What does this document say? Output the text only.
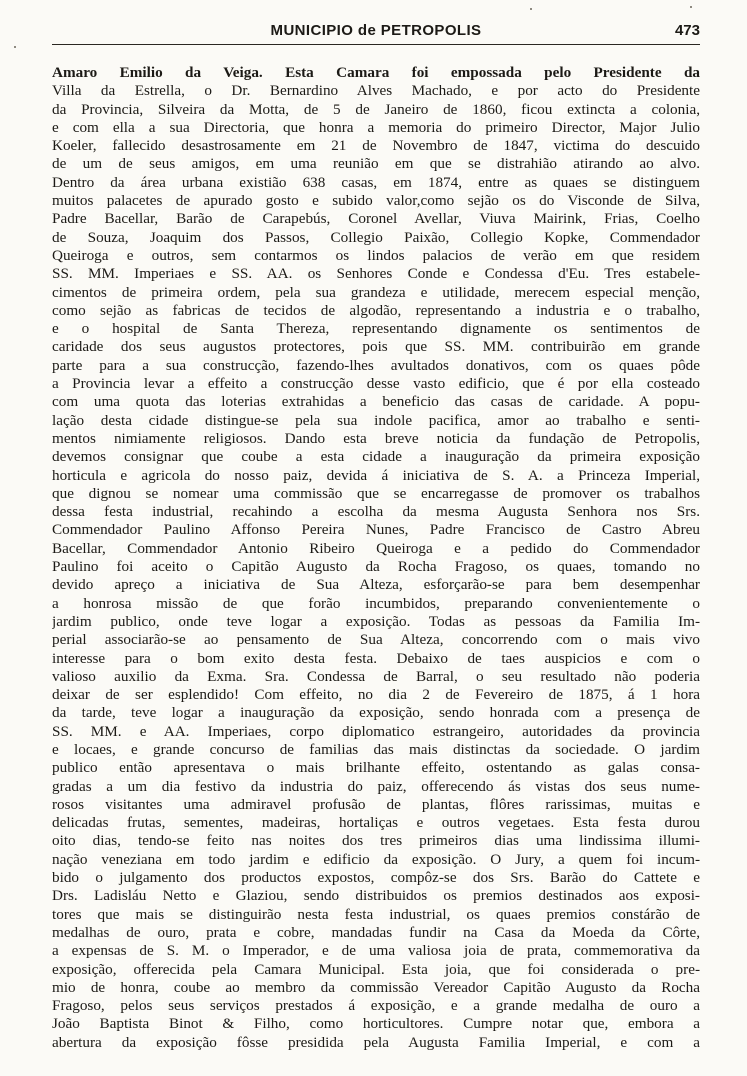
MUNICIPIO de PETROPOLIS	473
Amaro Emilio da Veiga. Esta Camara foi empossada pelo Presidente da
Villa da Estrella, o Dr. Bernardino Alves Machado, e por acto do Presidente
da Provincia, Silveira da Motta, de 5 de Janeiro de 1860, ficou extincta a colonia,
e com ella a sua Directoria, que honra a memoria do primeiro Director, Major Julio
Koeler, fallecido desastrosamente em 21 de Novembro de 1847, victima do descuido
de um de seus amigos, em uma reunião em que se distrahião atirando ao alvo.
Dentro da área urbana existião 638 casas, em 1874, entre as quaes se distinguem
muitos palacetes de apurado gosto e subido valor,como sejão os do Visconde de Silva,
Padre Bacellar, Barão de Carapebús, Coronel Avellar, Viuva Mairink, Frias, Coelho
de Souza, Joaquim dos Passos, Collegio Paixão, Collegio Kopke, Commendador
Queiroga e outros, sem contarmos os lindos palacios de verão em que residem
SS. MM. Imperiaes e SS. AA. os Senhores Conde e Condessa d'Eu. Tres estabele-
cimentos de primeira ordem, pela sua grandeza e utilidade, merecem especial menção,
como sejão as fabricas de tecidos de algodão, representando a industria e o trabalho,
e o hospital de Santa Thereza, representando dignamente os sentimentos de
caridade dos seus augustos protectores, pois que SS. MM. contribuirão em grande
parte para a sua construcção, fazendo-lhes avultados donativos, com os quaes pôde
a Provincia levar a effeito a construcção desse vasto edificio, que é por ella costeado
com uma quota das loterias extrahidas a beneficio das casas de caridade. A popu-
lação desta cidade distingue-se pela sua indole pacifica, amor ao trabalho e senti-
mentos nimiamente religiosos. Dando esta breve noticia da fundação de Petropolis,
devemos consignar que coube a esta cidade a inauguração da primeira exposição
horticula e agricola do nosso paiz, devida á iniciativa de S. A. a Princeza Imperial,
que dignou se nomear uma commissão que se encarregasse de promover os trabalhos
dessa festa industrial, recahindo a escolha da mesma Augusta Senhora nos Srs.
Commendador Paulino Affonso Pereira Nunes, Padre Francisco de Castro Abreu
Bacellar, Commendador Antonio Ribeiro Queiroga e a pedido do Commendador
Paulino foi aceito o Capitão Augusto da Rocha Fragoso, os quaes, tomando no
devido apreço a iniciativa de Sua Alteza, esforçarão-se para bem desempenhar
a honrosa missão de que forão incumbidos, preparando convenientemente o
jardim publico, onde teve logar a exposição. Todas as pessoas da Familia Im-
perial associarão-se ao pensamento de Sua Alteza, concorrendo com o mais vivo
interesse para o bom exito desta festa. Debaixo de taes auspicios e com o
valioso auxilio da Exma. Sra. Condessa de Barral, o seu resultado não poderia
deixar de ser esplendido! Com effeito, no dia 2 de Fevereiro de 1875, á 1 hora
da tarde, teve logar a inauguração da exposição, sendo honrada com a presença de
SS. MM. e AA. Imperiaes, corpo diplomatico estrangeiro, autoridades da provincia
e locaes, e grande concurso de familias das mais distinctas da sociedade. O jardim
publico então apresentava o mais brilhante effeito, ostentando as galas consa-
gradas a um dia festivo da industria do paiz, offerecendo ás vistas dos seus nume-
rosos visitantes uma admiravel profusão de plantas, flôres rarissimas, muitas e
delicadas frutas, sementes, madeiras, hortaliças e outros vegetaes. Esta festa durou
oito dias, tendo-se feito nas noites dos tres primeiros dias uma lindissima illumi-
nação veneziana em todo jardim e edificio da exposição. O Jury, a quem foi incum-
bido o julgamento dos productos expostos, compôz-se dos Srs. Barão do Cattete e
Drs. Ladisláu Netto e Glaziou, sendo distribuidos os premios destinados aos exposi-
tores que mais se distinguirão nesta festa industrial, os quaes premios constárão de
medalhas de ouro, prata e cobre, mandadas fundir na Casa da Moeda da Côrte,
a expensas de S. M. o Imperador, e de uma valiosa joia de prata, commemorativa da
exposição, offerecida pela Camara Municipal. Esta joia, que foi considerada o pre-
mio de honra, coube ao membro da commissão Vereador Capitão Augusto da Rocha
Fragoso, pelos seus serviços prestados á exposição, e a grande medalha de ouro a
João Baptista Binot & Filho, como horticultores. Cumpre notar que, embora a
abertura da exposição fôsse presidida pela Augusta Familia Imperial, e com a
